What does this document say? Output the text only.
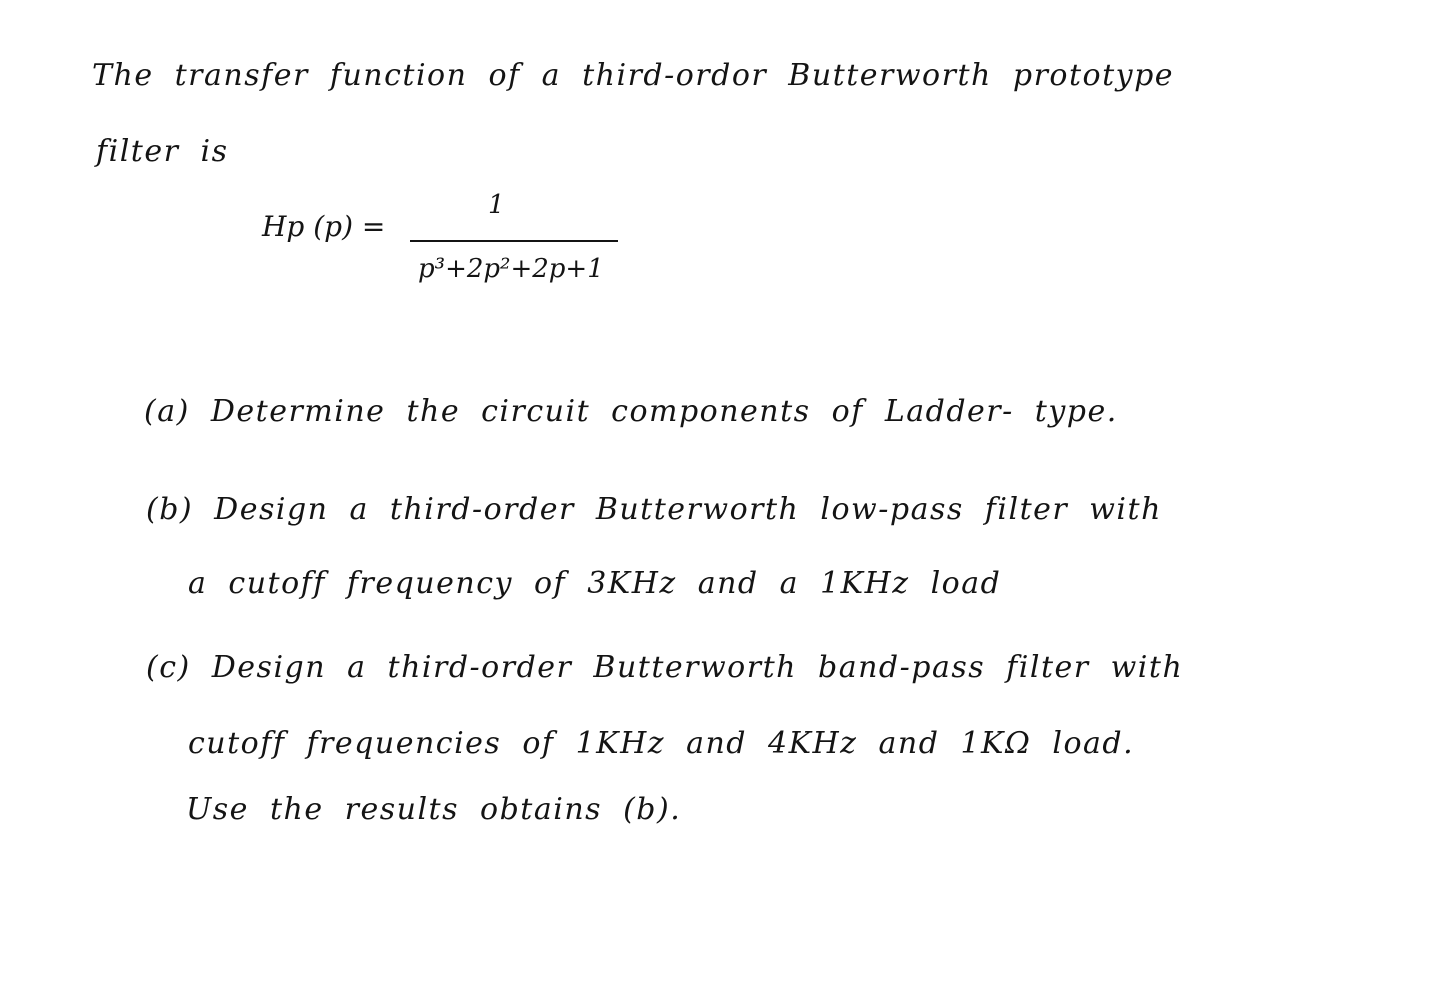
The transfer function of a third-ordor Butterworth prototype
filter is
Hp (p) =
1
p³+2p²+2p+1
(a) Determine the circuit components of Ladder- type.
(b) Design a third-order Butterworth low-pass filter with
a cutoff frequency of 3KHz and a 1KHz load
(c) Design a third-order Butterworth band-pass filter with
cutoff frequencies of 1KHz and 4KHz and 1KΩ load.
Use the results obtains (b).
